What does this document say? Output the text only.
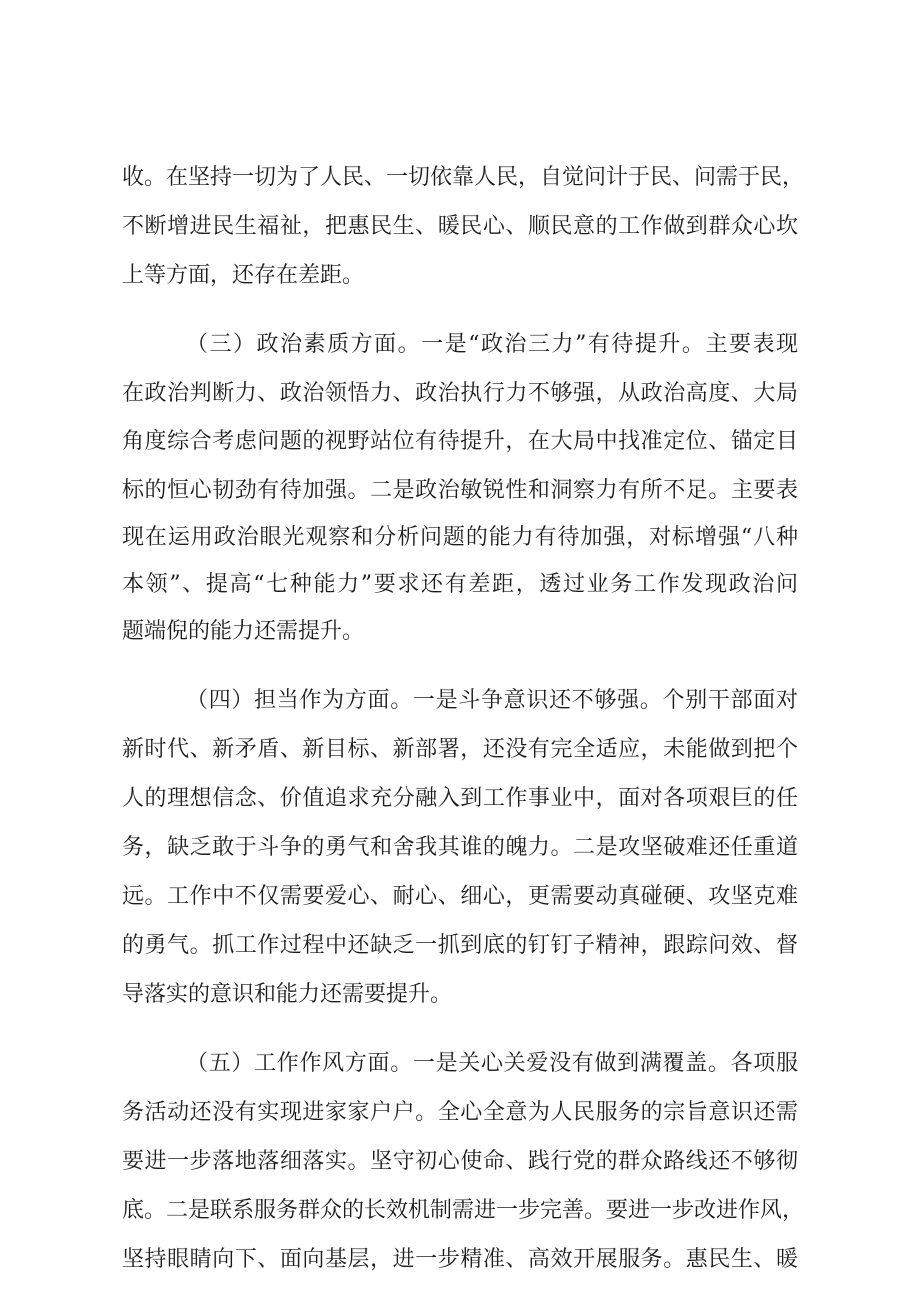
收。在坚持一切为了人民、一切依靠人民，自觉问计于民、问需于民，
不断增进民生福祉，把惠民生、暖民心、顺民意的工作做到群众心坎
上等方面，还存在差距。
（三）政治素质方面。一是“政治三力”有待提升。主要表现
在政治判断力、政治领悟力、政治执行力不够强，从政治高度、大局
角度综合考虑问题的视野站位有待提升，在大局中找准定位、锚定目
标的恒心韧劲有待加强。二是政治敏锐性和洞察力有所不足。主要表
现在运用政治眼光观察和分析问题的能力有待加强，对标增强“八种
本领”、提高“七种能力”要求还有差距，透过业务工作发现政治问
题端倪的能力还需提升。
（四）担当作为方面。一是斗争意识还不够强。个别干部面对
新时代、新矛盾、新目标、新部署，还没有完全适应，未能做到把个
人的理想信念、价值追求充分融入到工作事业中，面对各项艰巨的任
务，缺乏敢于斗争的勇气和舍我其谁的魄力。二是攻坚破难还任重道
远。工作中不仅需要爱心、耐心、细心，更需要动真碰硬、攻坚克难
的勇气。抓工作过程中还缺乏一抓到底的钉钉子精神，跟踪问效、督
导落实的意识和能力还需要提升。
（五）工作作风方面。一是关心关爱没有做到满覆盖。各项服
务活动还没有实现进家家户户。全心全意为人民服务的宗旨意识还需
要进一步落地落细落实。坚守初心使命、践行党的群众路线还不够彻
底。二是联系服务群众的长效机制需进一步完善。要进一步改进作风，
坚持眼睛向下、面向基层，进一步精准、高效开展服务。惠民生、暖
